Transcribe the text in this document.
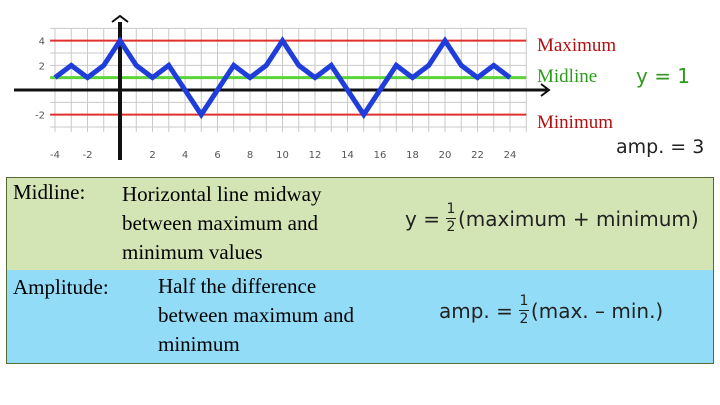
-4 -2	2	4	6	8 10 12 14 16 18 20 22 24
4
2
-2
Maximum
Midline y = 1
Minimum
amp. = 3
Midline: Horizontal line midway
between maximum and
minimum values
$y = \frac{1}{2}$ (maximum + minimum)
Amplitude: Half the difference
between maximum and
minimum
amp. = $\frac{1}{2} (\max$. – min.)
